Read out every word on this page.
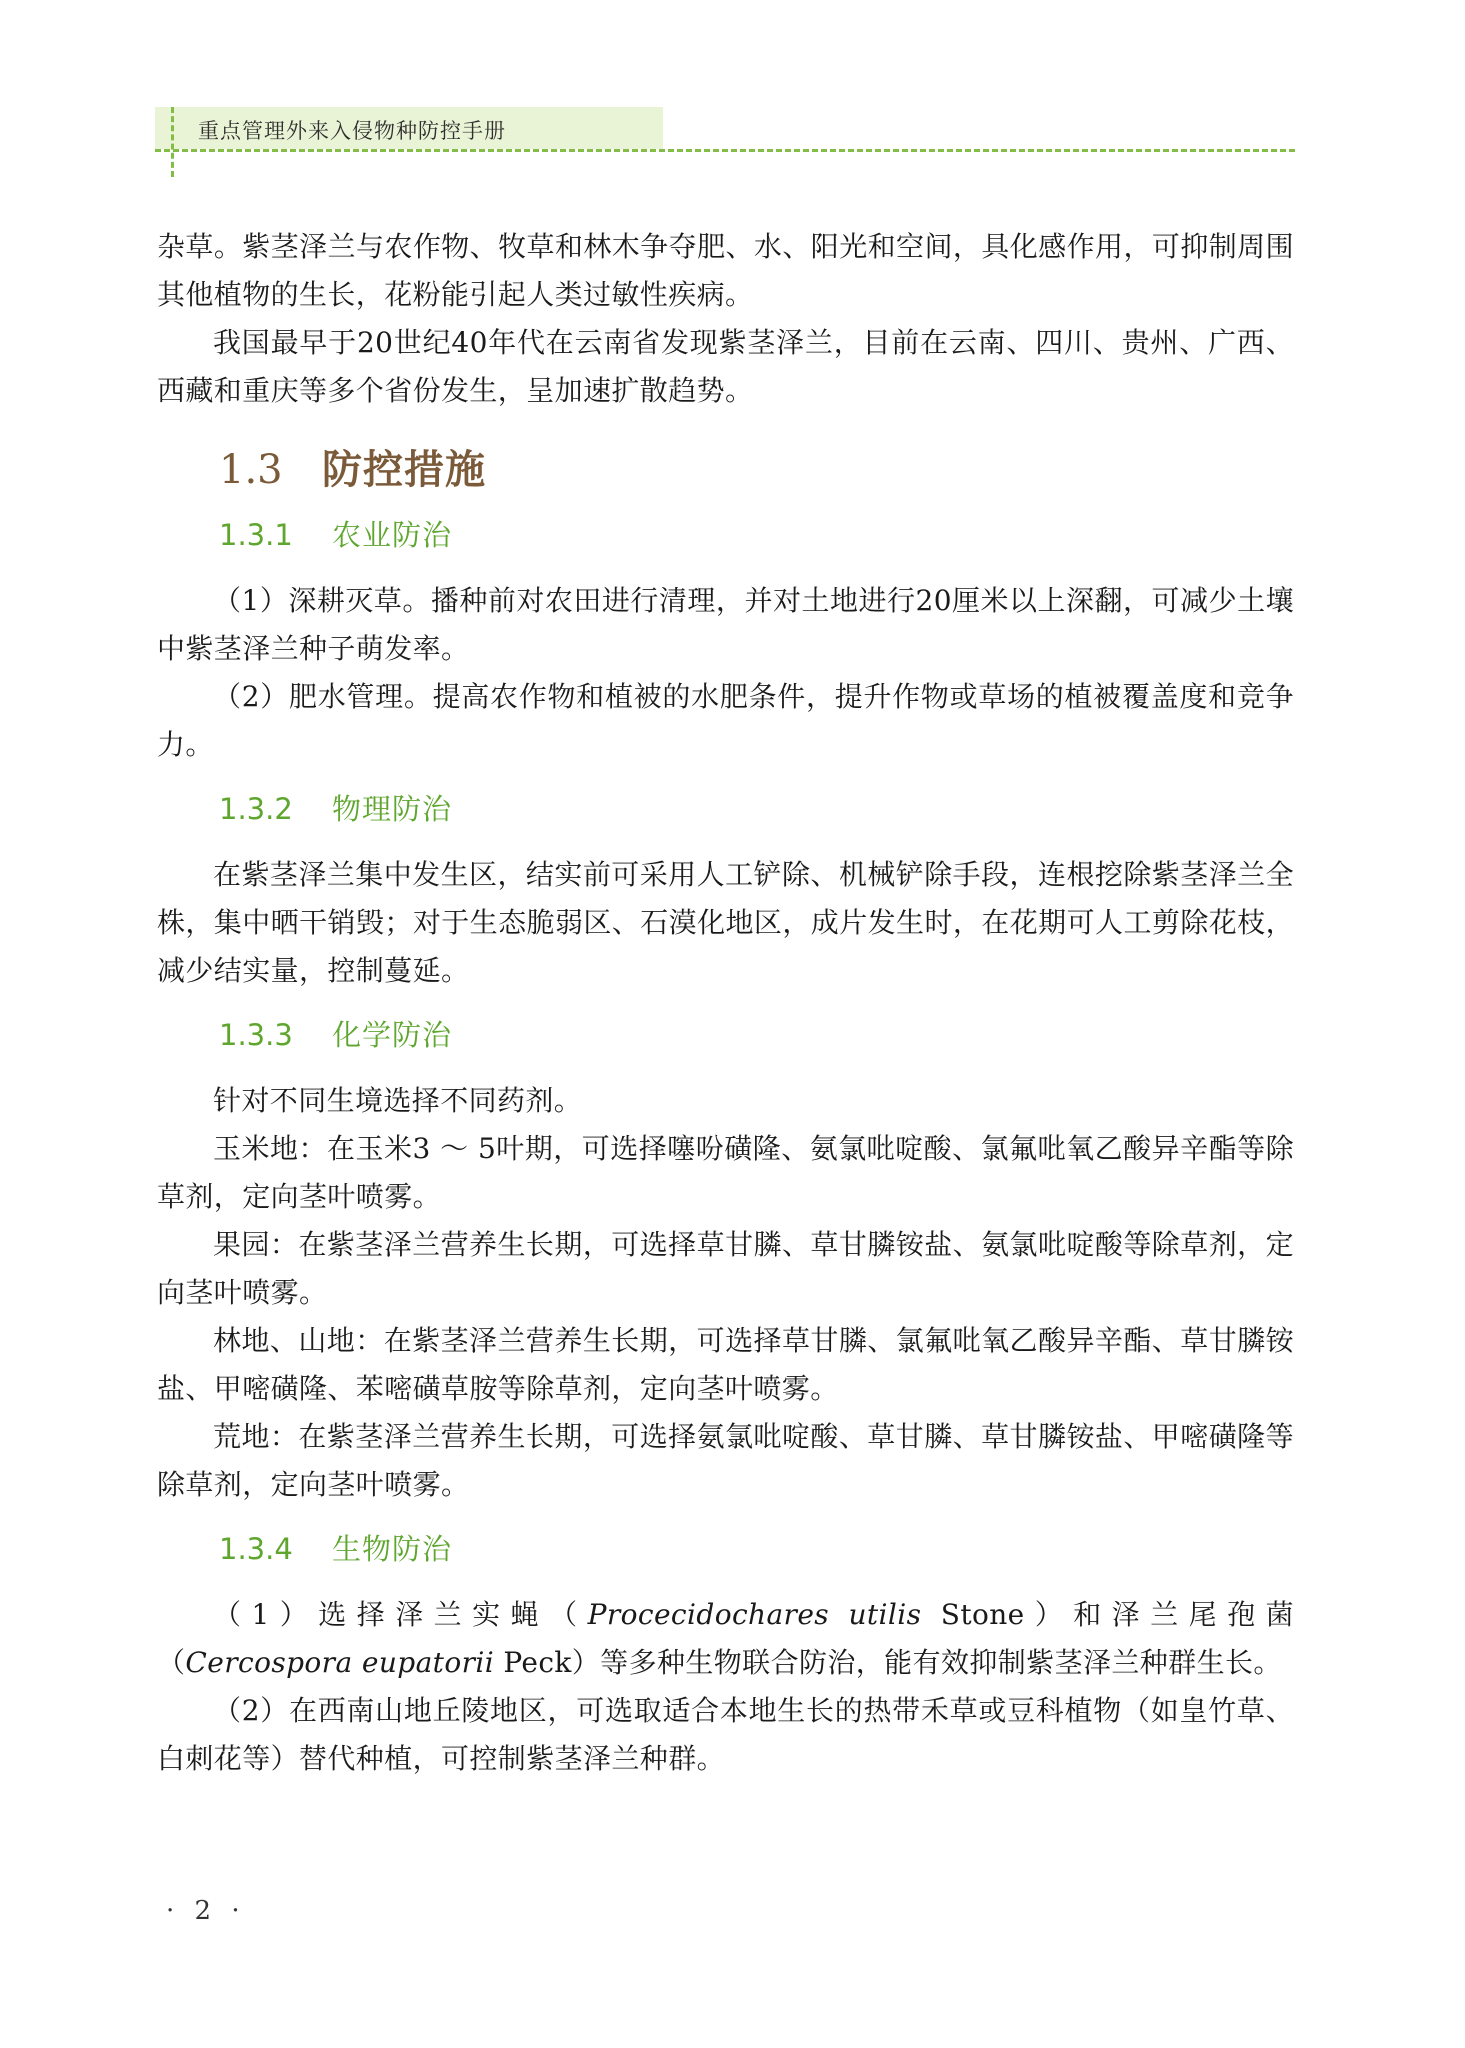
重点管理外来入侵物种防控手册

杂草。紫茎泽兰与农作物、牧草和林木争夺肥、水、阳光和空间，具化感作用，可抑制周围其他植物的生长，花粉能引起人类过敏性疾病。

我国最早于20世纪40年代在云南省发现紫茎泽兰，目前在云南、四川、贵州、广西、西藏和重庆等多个省份发生，呈加速扩散趋势。

1.3 防控措施
1.3.1 农业防治

（1）深耕灭草。播种前对农田进行清理，并对土地进行20厘米以上深翻，可减少土壤中紫茎泽兰种子萌发率。

（2）肥水管理。提高农作物和植被的水肥条件，提升作物或草场的植被覆盖度和竞争力。

1.3.2 物理防治

在紫茎泽兰集中发生区，结实前可采用人工铲除、机械铲除手段，连根挖除紫茎泽兰全株，集中晒干销毁；对于生态脆弱区、石漠化地区，成片发生时，在花期可人工剪除花枝，减少结实量，控制蔓延。

1.3.3 化学防治

针对不同生境选择不同药剂。

玉米地：在玉米3 ～ 5叶期，可选择噻吩磺隆、氨氯吡啶酸、氯氟吡氧乙酸异辛酯等除草剂，定向茎叶喷雾。

果园：在紫茎泽兰营养生长期，可选择草甘膦、草甘膦铵盐、氨氯吡啶酸等除草剂，定向茎叶喷雾。

林地、山地：在紫茎泽兰营养生长期，可选择草甘膦、氯氟吡氧乙酸异辛酯、草甘膦铵盐、甲嘧磺隆、苯嘧磺草胺等除草剂，定向茎叶喷雾。

荒地：在紫茎泽兰营养生长期，可选择氨氯吡啶酸、草甘膦、草甘膦铵盐、甲嘧磺隆等除草剂，定向茎叶喷雾。

1.3.4 生物防治

（1）选择泽兰实蝇（Procecidochares utilis Stone）和泽兰尾孢菌（Cercospora eupatorii Peck）等多种生物联合防治，能有效抑制紫茎泽兰种群生长。

（2）在西南山地丘陵地区，可选取适合本地生长的热带禾草或豆科植物（如皇竹草、白刺花等）替代种植，可控制紫茎泽兰种群。

· 2 ·
